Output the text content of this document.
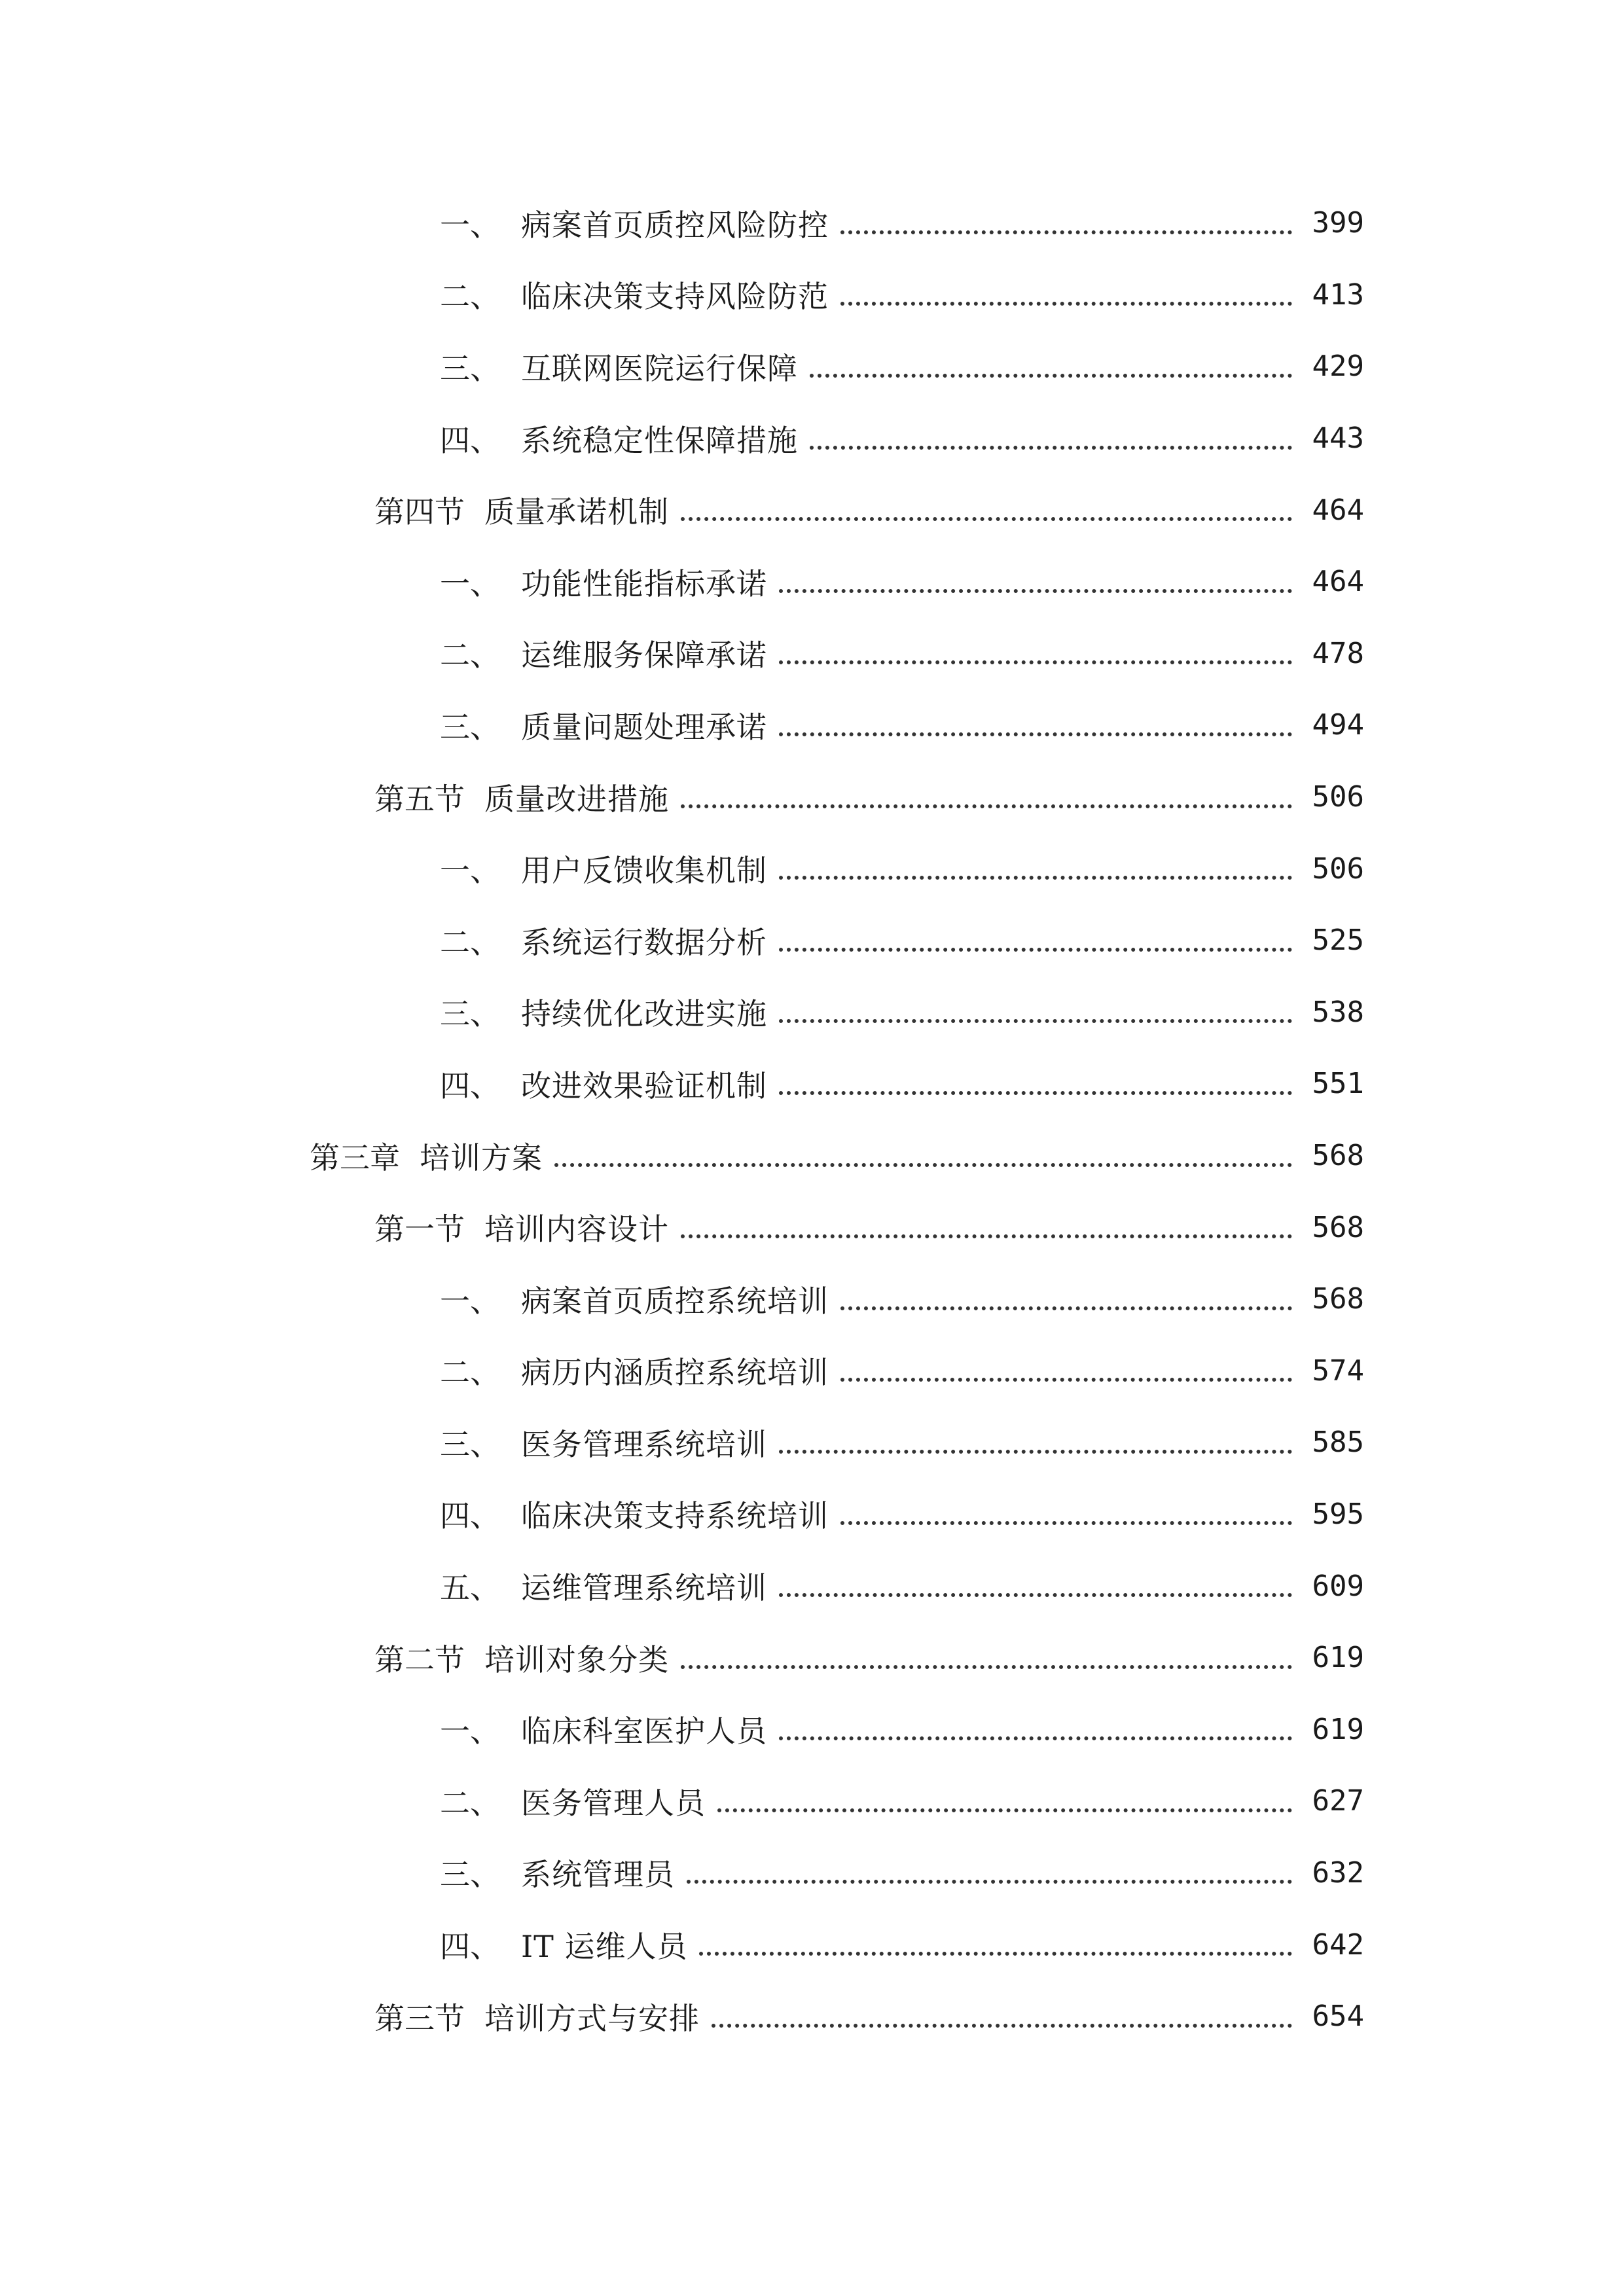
一、 病案首页质控风险防控	399
二、 临床决策支持风险防范	413
三、 互联网医院运行保障	429
四、 系统稳定性保障措施	443
第四节 质量承诺机制	464
一、 功能性能指标承诺	464
二、 运维服务保障承诺	478
三、 质量问题处理承诺	494
第五节 质量改进措施	506
一、 用户反馈收集机制	506
二、 系统运行数据分析	525
三、 持续优化改进实施	538
四、 改进效果验证机制	551
第三章 培训方案	568
第一节 培训内容设计	568
一、 病案首页质控系统培训	568
二、 病历内涵质控系统培训	574
三、 医务管理系统培训	585
四、 临床决策支持系统培训	595
五、 运维管理系统培训	609
第二节 培训对象分类	619
一、 临床科室医护人员	619
二、 医务管理人员	627
三、 系统管理员	632
四、 IT 运维人员	642
第三节 培训方式与安排	654
